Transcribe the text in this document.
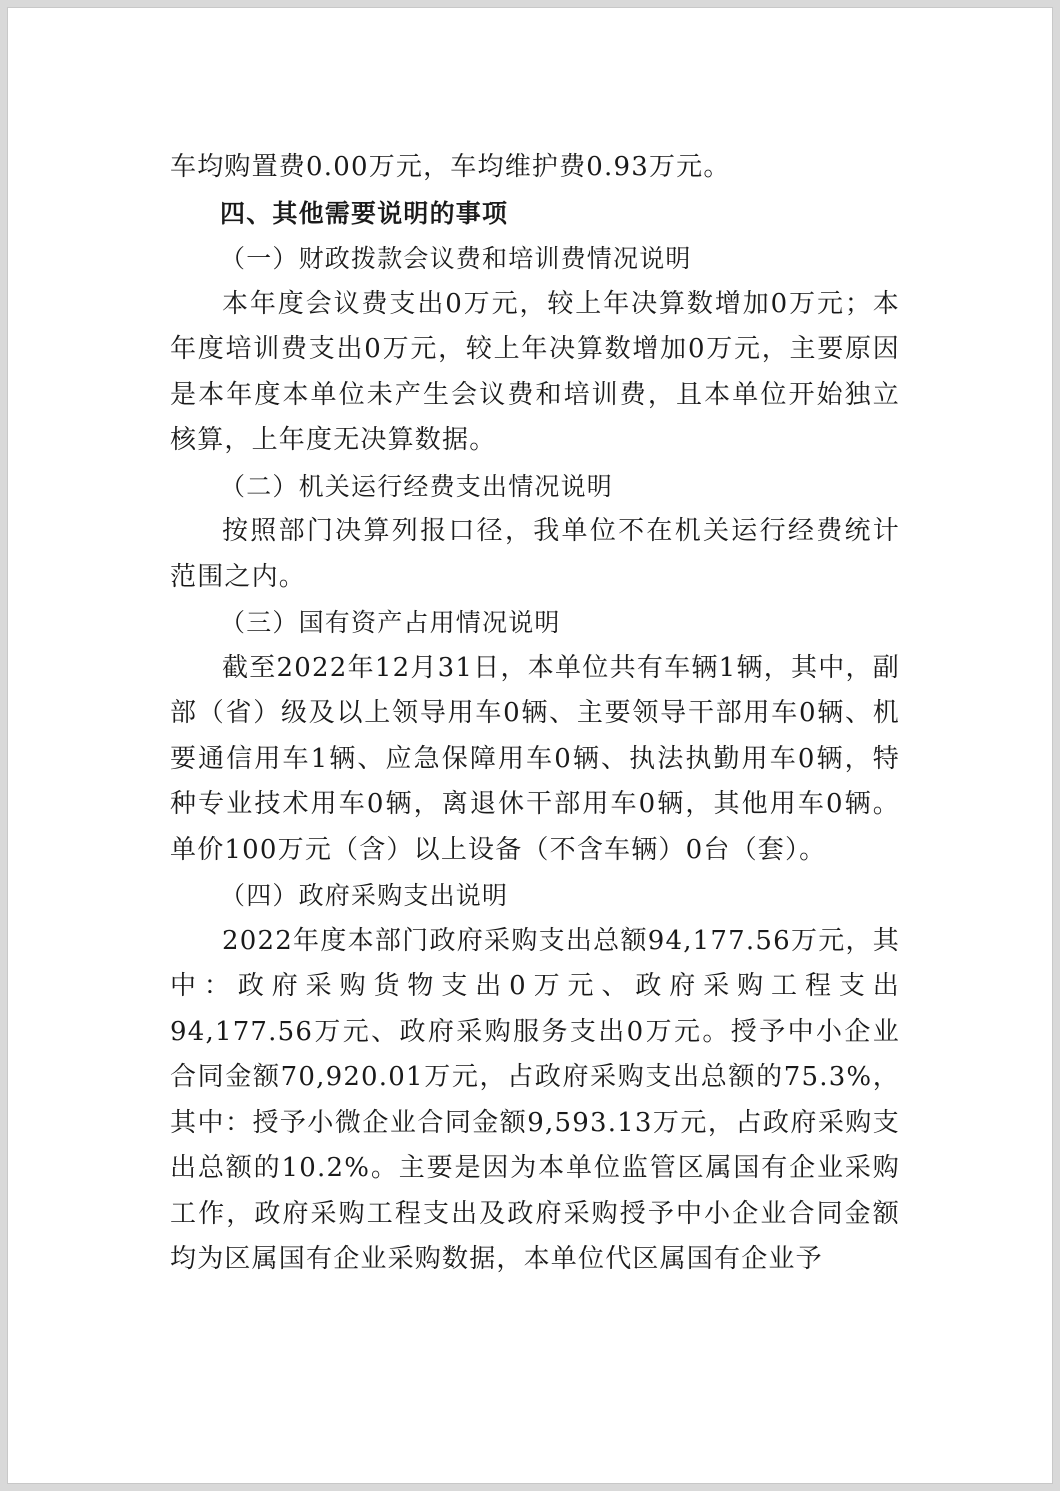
车均购置费0.00万元，车均维护费0.93万元。

四、其他需要说明的事项

（一）财政拨款会议费和培训费情况说明

本年度会议费支出0万元，较上年决算数增加0万元；本年度培训费支出0万元，较上年决算数增加0万元，主要原因是本年度本单位未产生会议费和培训费，且本单位开始独立核算，上年度无决算数据。

（二）机关运行经费支出情况说明

按照部门决算列报口径，我单位不在机关运行经费统计范围之内。

（三）国有资产占用情况说明

截至2022年12月31日，本单位共有车辆1辆，其中，副部（省）级及以上领导用车0辆、主要领导干部用车0辆、机要通信用车1辆、应急保障用车0辆、执法执勤用车0辆，特种专业技术用车0辆，离退休干部用车0辆，其他用车0辆。单价100万元（含）以上设备（不含车辆）0台（套）。

（四）政府采购支出说明

2022年度本部门政府采购支出总额94,177.56万元，其中：政府采购货物支出0万元、政府采购工程支出94,177.56万元、政府采购服务支出0万元。授予中小企业合同金额70,920.01万元，占政府采购支出总额的75.3%，其中：授予小微企业合同金额9,593.13万元，占政府采购支出总额的10.2%。主要是因为本单位监管区属国有企业采购工作，政府采购工程支出及政府采购授予中小企业合同金额均为区属国有企业采购数据，本单位代区属国有企业予
